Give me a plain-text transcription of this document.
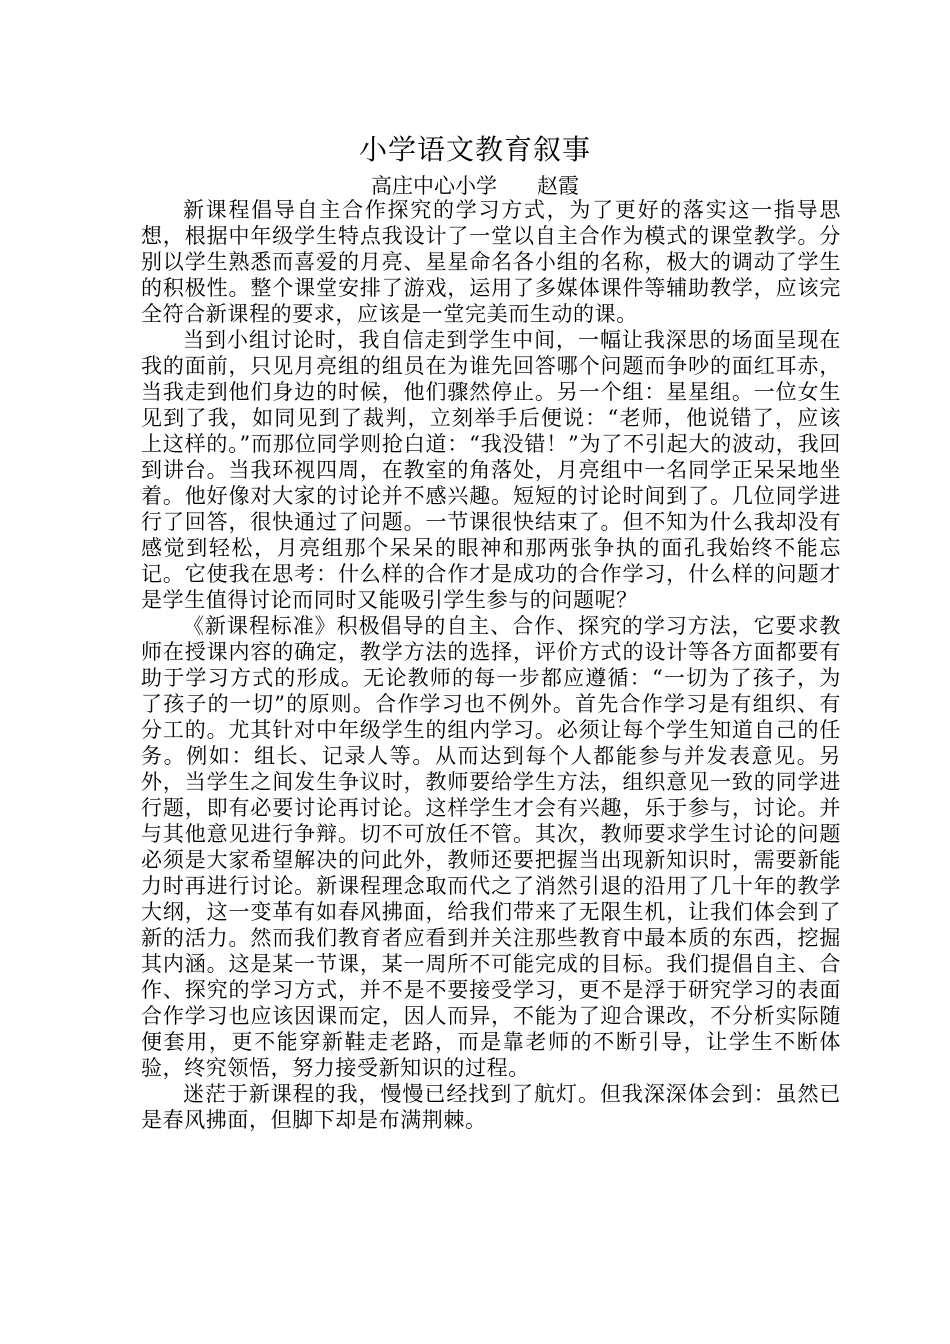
小学语文教育叙事

高庄中心小学 赵霞

新课程倡导自主合作探究的学习方式，为了更好的落实这一指导思想，根据中年级学生特点我设计了一堂以自主合作为模式的课堂教学。分别以学生熟悉而喜爱的月亮、星星命名各小组的名称，极大的调动了学生的积极性。整个课堂安排了游戏，运用了多媒体课件等辅助教学，应该完全符合新课程的要求，应该是一堂完美而生动的课。

当到小组讨论时，我自信走到学生中间，一幅让我深思的场面呈现在我的面前，只见月亮组的组员在为谁先回答哪个问题而争吵的面红耳赤，当我走到他们身边的时候，他们骤然停止。另一个组：星星组。一位女生见到了我，如同见到了裁判，立刻举手后便说：“老师，他说错了，应该上这样的。”而那位同学则抢白道：“我没错！”为了不引起大的波动，我回到讲台。当我环视四周，在教室的角落处，月亮组中一名同学正呆呆地坐着。他好像对大家的讨论并不感兴趣。短短的讨论时间到了。几位同学进行了回答，很快通过了问题。一节课很快结束了。但不知为什么我却没有感觉到轻松，月亮组那个呆呆的眼神和那两张争执的面孔我始终不能忘记。它使我在思考：什么样的合作才是成功的合作学习，什么样的问题才是学生值得讨论而同时又能吸引学生参与的问题呢？

《新课程标准》积极倡导的自主、合作、探究的学习方法，它要求教师在授课内容的确定，教学方法的选择，评价方式的设计等各方面都要有助于学习方式的形成。无论教师的每一步都应遵循：“一切为了孩子，为了孩子的一切”的原则。合作学习也不例外。首先合作学习是有组织、有分工的。尤其针对中年级学生的组内学习。必须让每个学生知道自己的任务。例如：组长、记录人等。从而达到每个人都能参与并发表意见。另外，当学生之间发生争议时，教师要给学生方法，组织意见一致的同学进行题，即有必要讨论再讨论。这样学生才会有兴趣，乐于参与，讨论。并与其他意见进行争辩。切不可放任不管。其次，教师要求学生讨论的问题必须是大家希望解决的问此外，教师还要把握当出现新知识时，需要新能力时再进行讨论。新课程理念取而代之了消然引退的沿用了几十年的教学大纲，这一变革有如春风拂面，给我们带来了无限生机，让我们体会到了新的活力。然而我们教育者应看到并关注那些教育中最本质的东西，挖掘其内涵。这是某一节课，某一周所不可能完成的目标。我们提倡自主、合作、探究的学习方式，并不是不要接受学习，更不是浮于研究学习的表面合作学习也应该因课而定，因人而异，不能为了迎合课改，不分析实际随便套用，更不能穿新鞋走老路，而是靠老师的不断引导，让学生不断体验，终究领悟，努力接受新知识的过程。

迷茫于新课程的我，慢慢已经找到了航灯。但我深深体会到：虽然已是春风拂面，但脚下却是布满荆棘。
